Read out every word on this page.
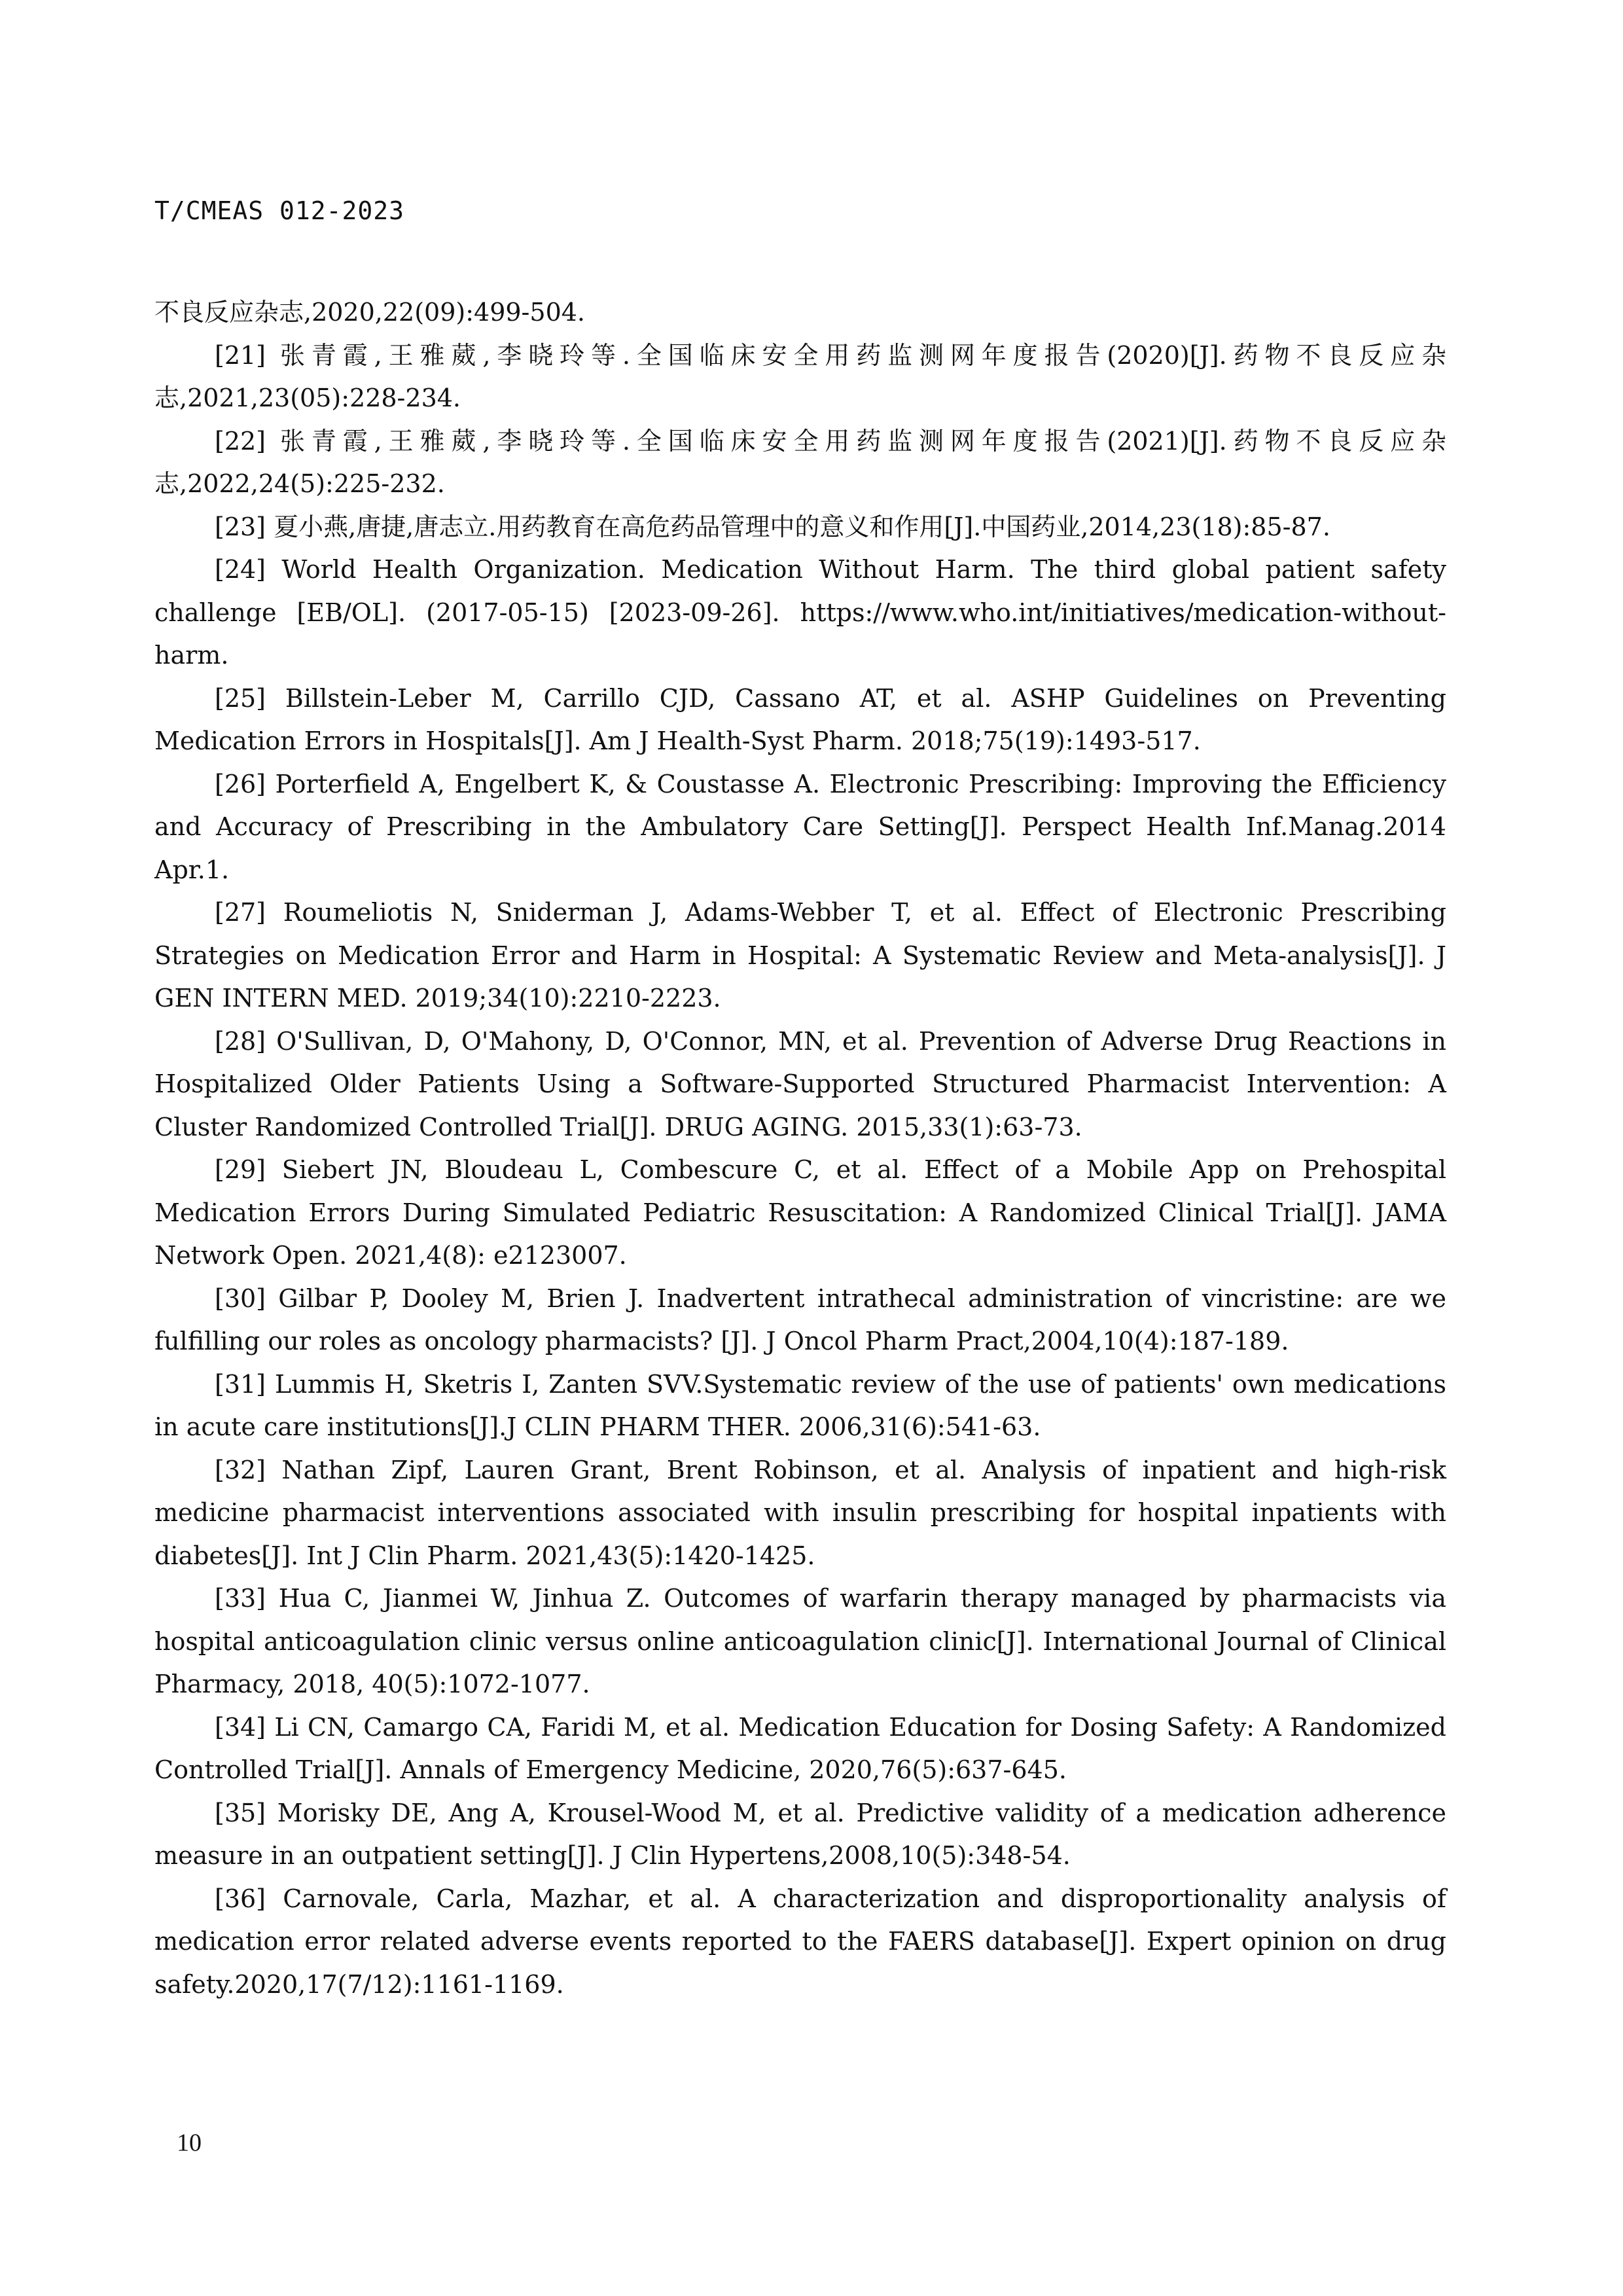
T/CMEAS 012-2023

不良反应杂志,2020,22(09):499-504.

[21] 张青霞,王雅葳,李晓玲等.全国临床安全用药监测网年度报告(2020)[J].药物不良反应杂志,2021,23(05):228-234.

[22] 张青霞,王雅葳,李晓玲等.全国临床安全用药监测网年度报告(2021)[J].药物不良反应杂志,2022,24(5):225-232.

[23] 夏小燕,唐捷,唐志立.用药教育在高危药品管理中的意义和作用[J].中国药业,2014,23(18):85-87.

[24] World Health Organization. Medication Without Harm. The third global patient safety challenge [EB/OL]. (2017-05-15) [2023-09-26]. https://www.who.int/initiatives/medication-without-harm.

[25] Billstein-Leber M, Carrillo CJD, Cassano AT, et al. ASHP Guidelines on Preventing Medication Errors in Hospitals[J]. Am J Health-Syst Pharm. 2018;75(19):1493-517.

[26] Porterfield A, Engelbert K, & Coustasse A. Electronic Prescribing: Improving the Efficiency and Accuracy of Prescribing in the Ambulatory Care Setting[J]. Perspect Health Inf.Manag.2014 Apr.1.

[27] Roumeliotis N, Sniderman J, Adams-Webber T, et al. Effect of Electronic Prescribing Strategies on Medication Error and Harm in Hospital: A Systematic Review and Meta-analysis[J]. J GEN INTERN MED. 2019;34(10):2210-2223.

[28] O'Sullivan, D, O'Mahony, D, O'Connor, MN, et al. Prevention of Adverse Drug Reactions in Hospitalized Older Patients Using a Software-Supported Structured Pharmacist Intervention: A Cluster Randomized Controlled Trial[J]. DRUG AGING. 2015,33(1):63-73.

[29] Siebert JN, Bloudeau L, Combescure C, et al. Effect of a Mobile App on Prehospital Medication Errors During Simulated Pediatric Resuscitation: A Randomized Clinical Trial[J]. JAMA Network Open. 2021,4(8): e2123007.

[30] Gilbar P, Dooley M, Brien J. Inadvertent intrathecal administration of vincristine: are we fulfilling our roles as oncology pharmacists? [J]. J Oncol Pharm Pract,2004,10(4):187-189.

[31] Lummis H, Sketris I, Zanten SVV.Systematic review of the use of patients' own medications in acute care institutions[J].J CLIN PHARM THER. 2006,31(6):541-63.

[32] Nathan Zipf, Lauren Grant, Brent Robinson, et al. Analysis of inpatient and high-risk medicine pharmacist interventions associated with insulin prescribing for hospital inpatients with diabetes[J]. Int J Clin Pharm. 2021,43(5):1420-1425.

[33] Hua C, Jianmei W, Jinhua Z. Outcomes of warfarin therapy managed by pharmacists via hospital anticoagulation clinic versus online anticoagulation clinic[J]. International Journal of Clinical Pharmacy, 2018, 40(5):1072-1077.

[34] Li CN, Camargo CA, Faridi M, et al. Medication Education for Dosing Safety: A Randomized Controlled Trial[J]. Annals of Emergency Medicine, 2020,76(5):637-645.

[35] Morisky DE, Ang A, Krousel-Wood M, et al. Predictive validity of a medication adherence measure in an outpatient setting[J]. J Clin Hypertens,2008,10(5):348-54.

[36] Carnovale, Carla, Mazhar, et al. A characterization and disproportionality analysis of medication error related adverse events reported to the FAERS database[J]. Expert opinion on drug safety.2020,17(7/12):1161-1169.

10
